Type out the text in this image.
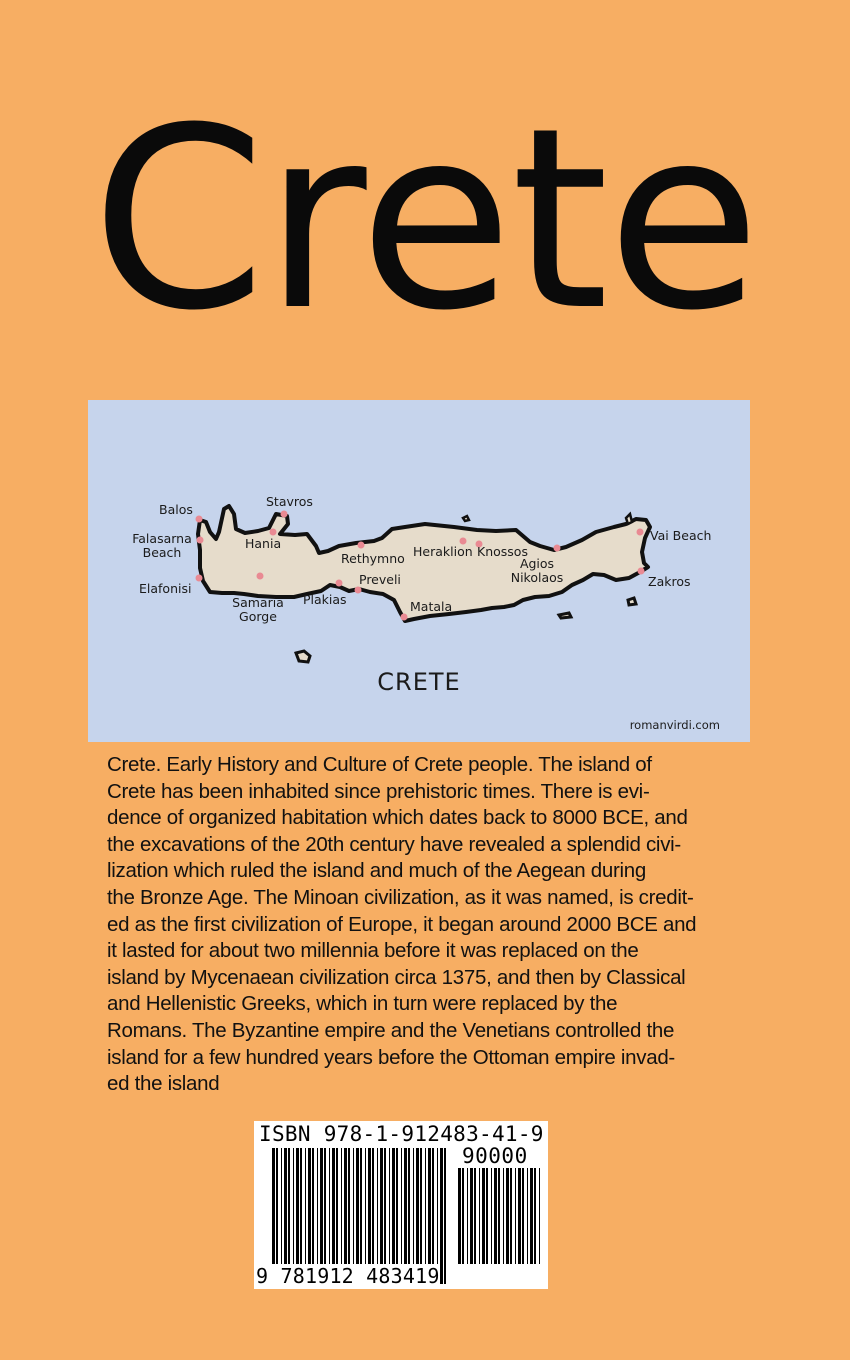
Crete
Balos
Stavros
Falasarna
Beach
Hania
Elafonisi
Samaria
Gorge
Plakias
Rethymno
Preveli
Heraklion Knossos
Agios
Nikolaos
Matala
Vai Beach
Zakros
CRETE
romanvirdi.com
Crete. Early History and Culture of Crete people. The island of
Crete has been inhabited since prehistoric times. There is evi-
dence of organized habitation which dates back to 8000 BCE, and
the excavations of the 20th century have revealed a splendid civi-
lization which ruled the island and much of the Aegean during
the Bronze Age. The Minoan civilization, as it was named, is credit-
ed as the first civilization of Europe, it began around 2000 BCE and
it lasted for about two millennia before it was replaced on the
island by Mycenaean civilization circa 1375, and then by Classical
and Hellenistic Greeks, which in turn were replaced by the
Romans. The Byzantine empire and the Venetians controlled the
island for a few hundred years before the Ottoman empire invad-
ed the island
ISBN 978-1-912483-41-9
90000
9 781912 483419
